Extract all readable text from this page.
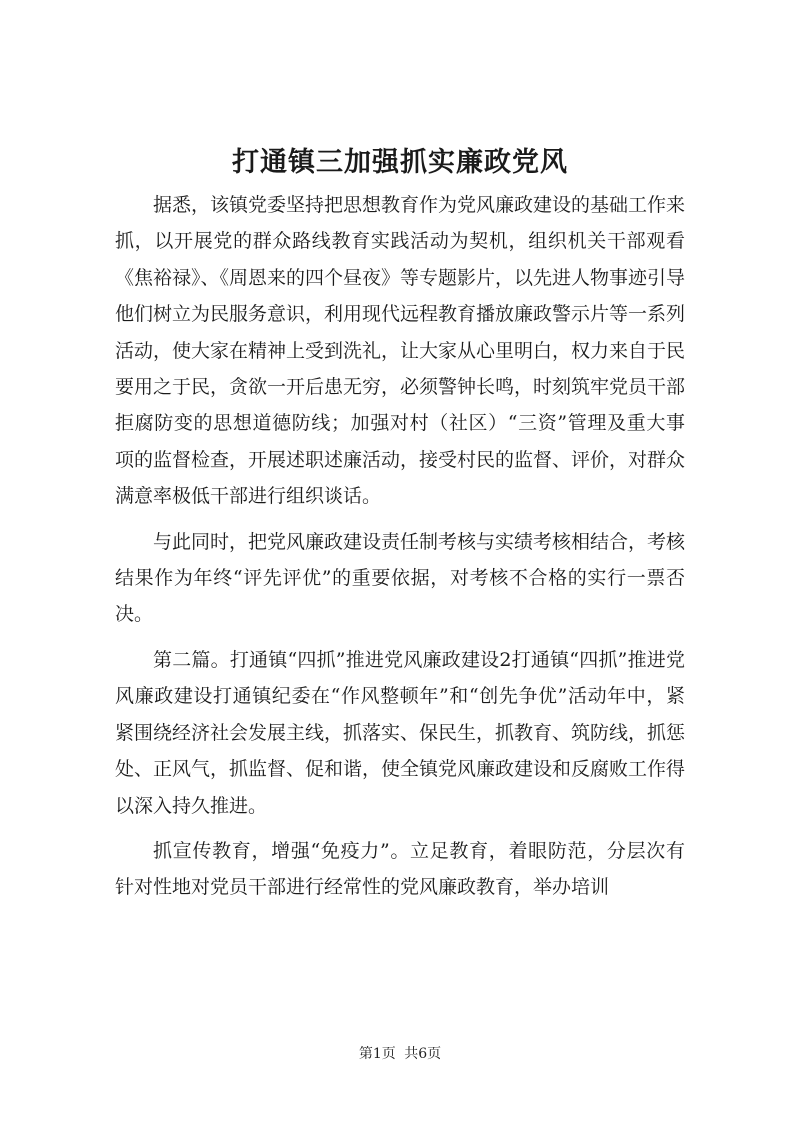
打通镇三加强抓实廉政党风

据悉，该镇党委坚持把思想教育作为党风廉政建设的基础工作来抓，以开展党的群众路线教育实践活动为契机，组织机关干部观看《焦裕禄》、《周恩来的四个昼夜》等专题影片，以先进人物事迹引导他们树立为民服务意识，利用现代远程教育播放廉政警示片等一系列活动，使大家在精神上受到洗礼，让大家从心里明白，权力来自于民要用之于民，贪欲一开后患无穷，必须警钟长鸣，时刻筑牢党员干部拒腐防变的思想道德防线；加强对村（社区）“三资”管理及重大事项的监督检查，开展述职述廉活动，接受村民的监督、评价，对群众满意率极低干部进行组织谈话。

与此同时，把党风廉政建设责任制考核与实绩考核相结合，考核结果作为年终“评先评优”的重要依据，对考核不合格的实行一票否决。

第二篇。打通镇“四抓”推进党风廉政建设2打通镇“四抓”推进党风廉政建设打通镇纪委在“作风整顿年”和“创先争优”活动年中，紧紧围绕经济社会发展主线，抓落实、保民生，抓教育、筑防线，抓惩处、正风气，抓监督、促和谐，使全镇党风廉政建设和反腐败工作得以深入持久推进。

抓宣传教育，增强“免疫力”。立足教育，着眼防范，分层次有针对性地对党员干部进行经常性的党风廉政教育，举办培训

第1页 共6页
